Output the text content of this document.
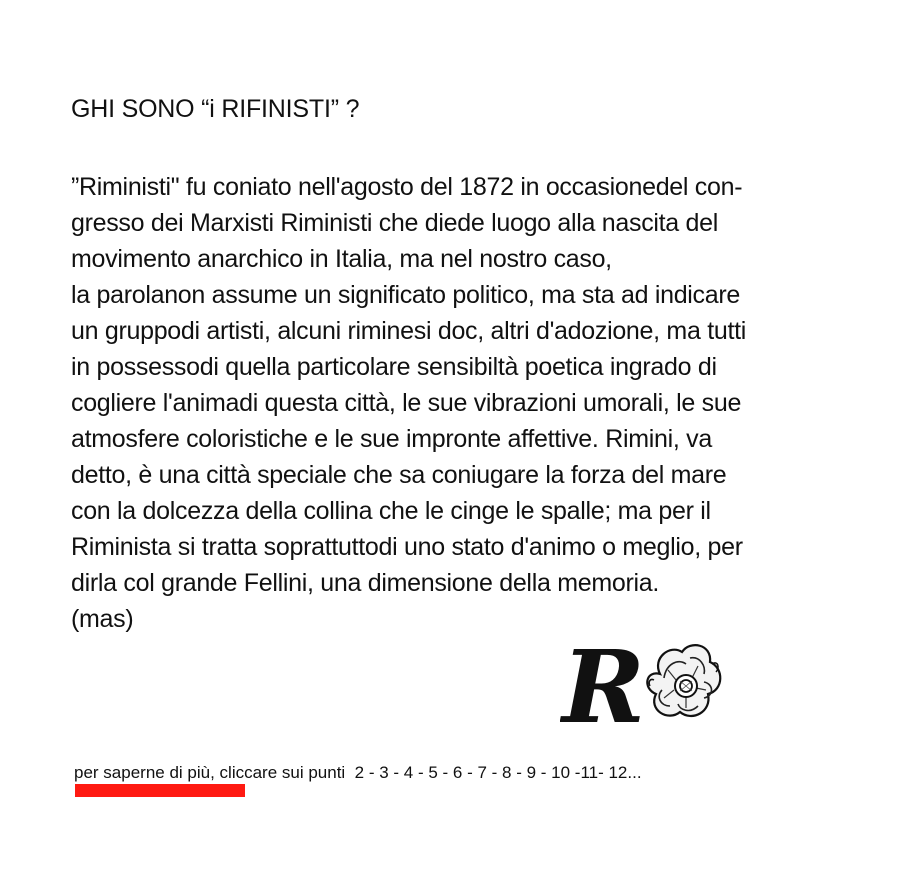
GHI SONO “i RIFINISTI” ?
”Riministi" fu coniato nell'agosto del 1872 in occasionedel con-
gresso dei Marxisti Riministi che diede luogo alla nascita del
movimento anarchico in Italia, ma nel nostro caso,
la parolanon assume un significato politico, ma sta ad indicare
un gruppodi artisti, alcuni riminesi doc, altri d'adozione, ma tutti
in possessodi quella particolare sensibiltà poetica ingrado di
cogliere l'animadi questa città, le sue vibrazioni umorali, le sue
atmosfere coloristiche e le sue impronte affettive. Rimini, va
detto, è una città speciale che sa coniugare la forza del mare
con la dolcezza della collina che le cinge le spalle; ma per il
Riminista si tratta soprattuttodi uno stato d'animo o meglio, per
dirla col grande Fellini, una dimensione della memoria.
(mas)
R
per saperne di più, cliccare sui punti  2 - 3 - 4 - 5 - 6 - 7 - 8 - 9 - 10 -11- 12...
